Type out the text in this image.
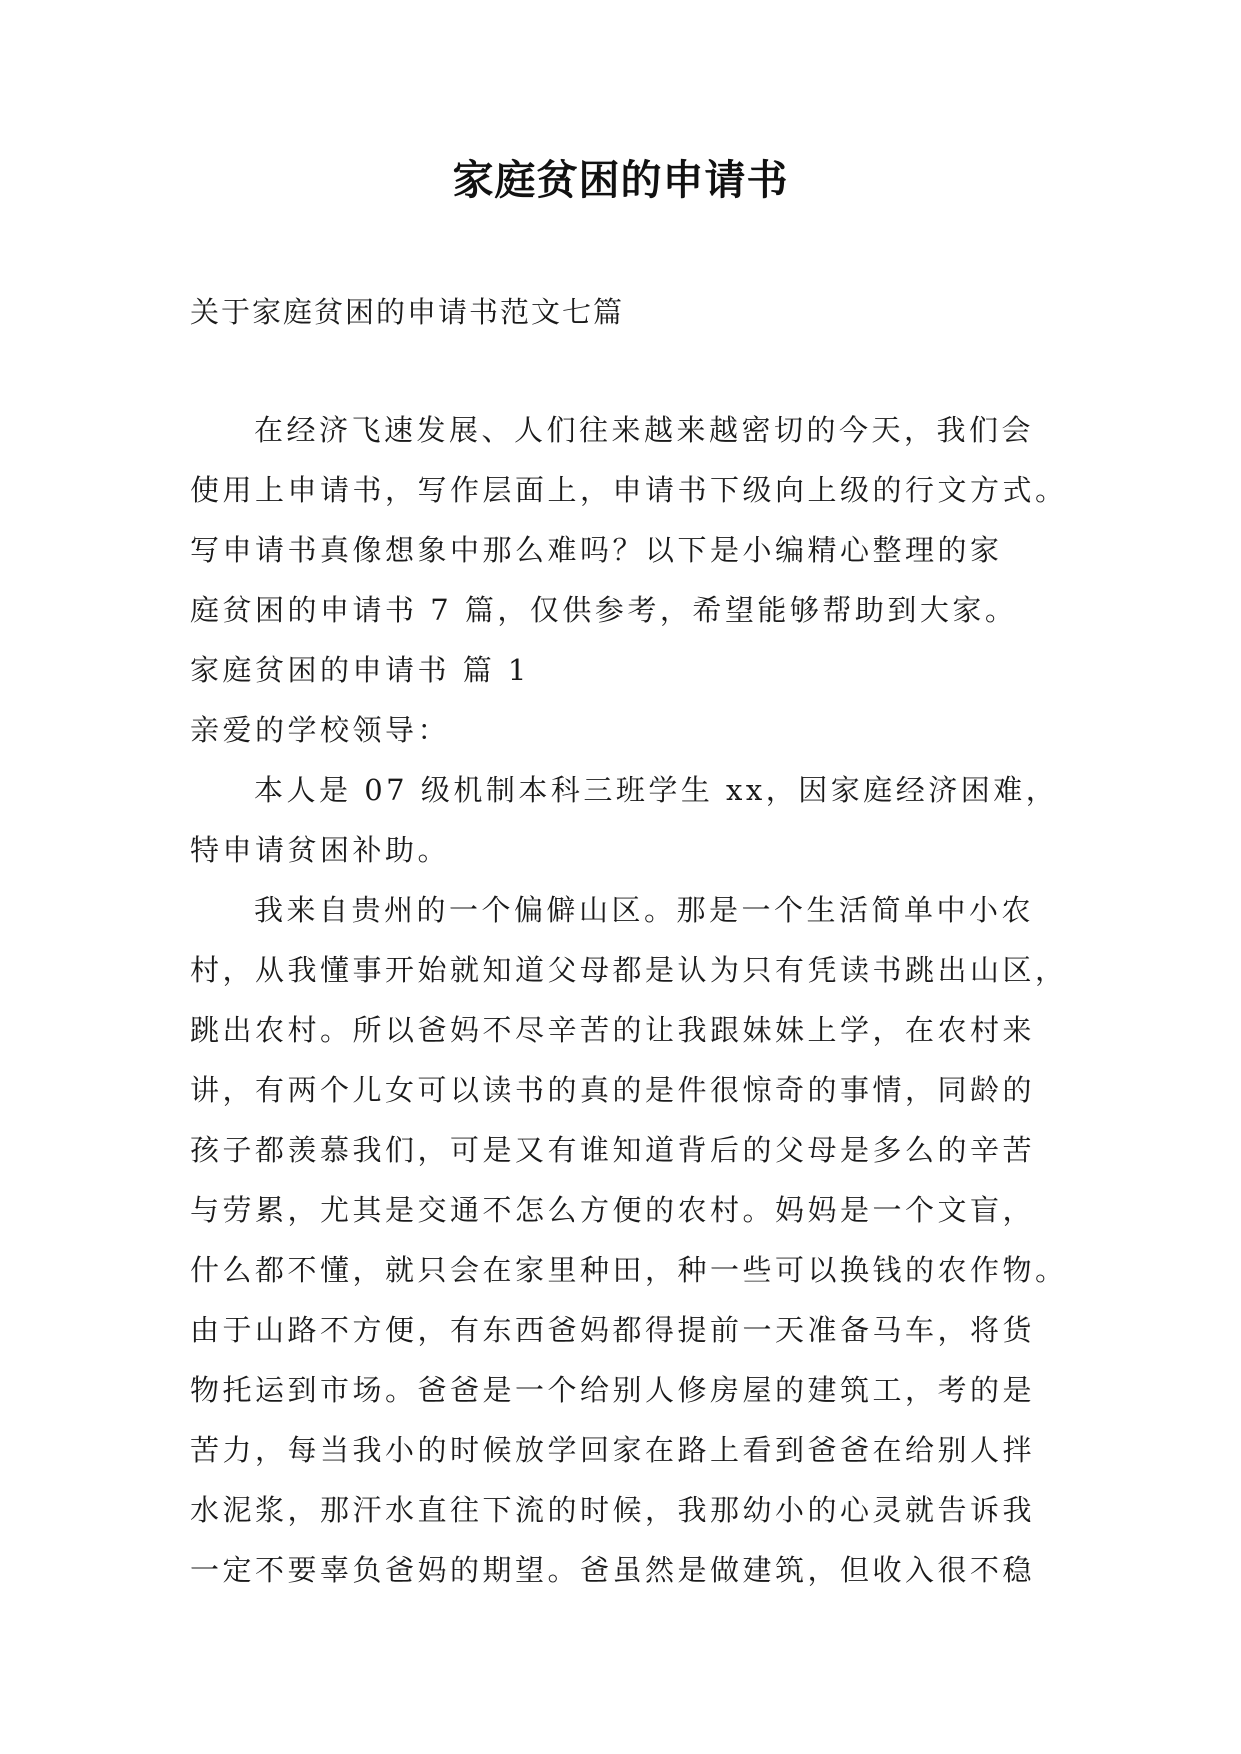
家庭贫困的申请书
关于家庭贫困的申请书范文七篇
在经济飞速发展、人们往来越来越密切的今天，我们会
使用上申请书，写作层面上，申请书下级向上级的行文方式。
写申请书真像想象中那么难吗？以下是小编精心整理的家
庭贫困的申请书 7 篇，仅供参考，希望能够帮助到大家。
家庭贫困的申请书 篇 1
亲爱的学校领导：
本人是 07 级机制本科三班学生 xx，因家庭经济困难，
特申请贫困补助。
我来自贵州的一个偏僻山区。那是一个生活简单中小农
村，从我懂事开始就知道父母都是认为只有凭读书跳出山区，
跳出农村。所以爸妈不尽辛苦的让我跟妹妹上学，在农村来
讲，有两个儿女可以读书的真的是件很惊奇的事情，同龄的
孩子都羡慕我们，可是又有谁知道背后的父母是多么的辛苦
与劳累，尤其是交通不怎么方便的农村。妈妈是一个文盲，
什么都不懂，就只会在家里种田，种一些可以换钱的农作物。
由于山路不方便，有东西爸妈都得提前一天准备马车，将货
物托运到市场。爸爸是一个给别人修房屋的建筑工，考的是
苦力，每当我小的时候放学回家在路上看到爸爸在给别人拌
水泥浆，那汗水直往下流的时候，我那幼小的心灵就告诉我
一定不要辜负爸妈的期望。爸虽然是做建筑，但收入很不稳
